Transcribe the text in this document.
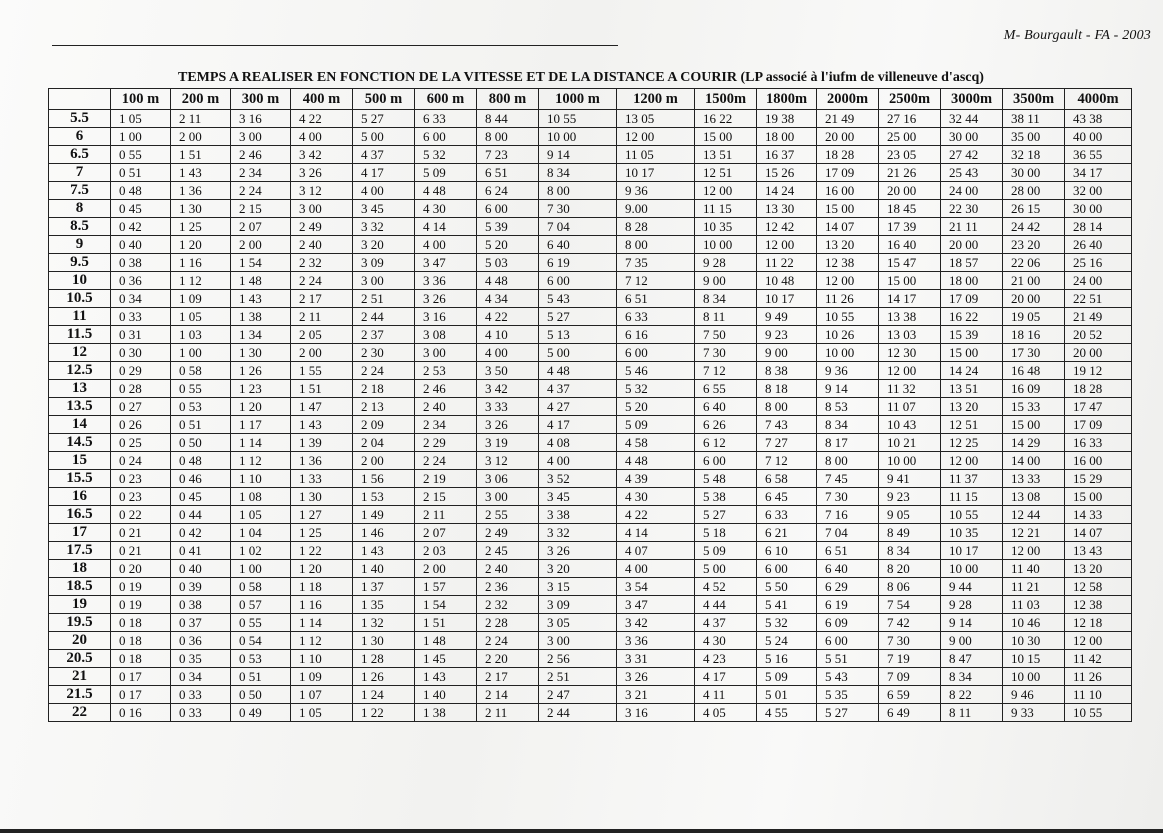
M- Bourgault - FA - 2003
TEMPS A REALISER EN FONCTION DE LA VITESSE ET DE LA DISTANCE A COURIR (LP associé à l'iufm de villeneuve d'ascq)
	100 m	200 m	300 m	400 m	500 m	600 m	800 m	1000 m	1200 m	1500m	1800m	2000m	2500m	3000m	3500m	4000m
5.5	1 05	2 11	3 16	4 22	5 27	6 33	8 44	10 55	13 05	16 22	19 38	21 49	27 16	32 44	38 11	43 38
6	1 00	2 00	3 00	4 00	5 00	6 00	8 00	10 00	12 00	15 00	18 00	20 00	25 00	30 00	35 00	40 00
6.5	0 55	1 51	2 46	3 42	4 37	5 32	7 23	9 14	11 05	13 51	16 37	18 28	23 05	27 42	32 18	36 55
7	0 51	1 43	2 34	3 26	4 17	5 09	6 51	8 34	10 17	12 51	15 26	17 09	21 26	25 43	30 00	34 17
7.5	0 48	1 36	2 24	3 12	4 00	4 48	6 24	8 00	9 36	12 00	14 24	16 00	20 00	24 00	28 00	32 00
8	0 45	1 30	2 15	3 00	3 45	4 30	6 00	7 30	9.00	11 15	13 30	15 00	18 45	22 30	26 15	30 00
8.5	0 42	1 25	2 07	2 49	3 32	4 14	5 39	7 04	8 28	10 35	12 42	14 07	17 39	21 11	24 42	28 14
9	0 40	1 20	2 00	2 40	3 20	4 00	5 20	6 40	8 00	10 00	12 00	13 20	16 40	20 00	23 20	26 40
9.5	0 38	1 16	1 54	2 32	3 09	3 47	5 03	6 19	7 35	9 28	11 22	12 38	15 47	18 57	22 06	25 16
10	0 36	1 12	1 48	2 24	3 00	3 36	4 48	6 00	7 12	9 00	10 48	12 00	15 00	18 00	21 00	24 00
10.5	0 34	1 09	1 43	2 17	2 51	3 26	4 34	5 43	6 51	8 34	10 17	11 26	14 17	17 09	20 00	22 51
11	0 33	1 05	1 38	2 11	2 44	3 16	4 22	5 27	6 33	8 11	9 49	10 55	13 38	16 22	19 05	21 49
11.5	0 31	1 03	1 34	2 05	2 37	3 08	4 10	5 13	6 16	7 50	9 23	10 26	13 03	15 39	18 16	20 52
12	0 30	1 00	1 30	2 00	2 30	3 00	4 00	5 00	6 00	7 30	9 00	10 00	12 30	15 00	17 30	20 00
12.5	0 29	0 58	1 26	1 55	2 24	2 53	3 50	4 48	5 46	7 12	8 38	9 36	12 00	14 24	16 48	19 12
13	0 28	0 55	1 23	1 51	2 18	2 46	3 42	4 37	5 32	6 55	8 18	9 14	11 32	13 51	16 09	18 28
13.5	0 27	0 53	1 20	1 47	2 13	2 40	3 33	4 27	5 20	6 40	8 00	8 53	11 07	13 20	15 33	17 47
14	0 26	0 51	1 17	1 43	2 09	2 34	3 26	4 17	5 09	6 26	7 43	8 34	10 43	12 51	15 00	17 09
14.5	0 25	0 50	1 14	1 39	2 04	2 29	3 19	4 08	4 58	6 12	7 27	8 17	10 21	12 25	14 29	16 33
15	0 24	0 48	1 12	1 36	2 00	2 24	3 12	4 00	4 48	6 00	7 12	8 00	10 00	12 00	14 00	16 00
15.5	0 23	0 46	1 10	1 33	1 56	2 19	3 06	3 52	4 39	5 48	6 58	7 45	9 41	11 37	13 33	15 29
16	0 23	0 45	1 08	1 30	1 53	2 15	3 00	3 45	4 30	5 38	6 45	7 30	9 23	11 15	13 08	15 00
16.5	0 22	0 44	1 05	1 27	1 49	2 11	2 55	3 38	4 22	5 27	6 33	7 16	9 05	10 55	12 44	14 33
17	0 21	0 42	1 04	1 25	1 46	2 07	2 49	3 32	4 14	5 18	6 21	7 04	8 49	10 35	12 21	14 07
17.5	0 21	0 41	1 02	1 22	1 43	2 03	2 45	3 26	4 07	5 09	6 10	6 51	8 34	10 17	12 00	13 43
18	0 20	0 40	1 00	1 20	1 40	2 00	2 40	3 20	4 00	5 00	6 00	6 40	8 20	10 00	11 40	13 20
18.5	0 19	0 39	0 58	1 18	1 37	1 57	2 36	3 15	3 54	4 52	5 50	6 29	8 06	9 44	11 21	12 58
19	0 19	0 38	0 57	1 16	1 35	1 54	2 32	3 09	3 47	4 44	5 41	6 19	7 54	9 28	11 03	12 38
19.5	0 18	0 37	0 55	1 14	1 32	1 51	2 28	3 05	3 42	4 37	5 32	6 09	7 42	9 14	10 46	12 18
20	0 18	0 36	0 54	1 12	1 30	1 48	2 24	3 00	3 36	4 30	5 24	6 00	7 30	9 00	10 30	12 00
20.5	0 18	0 35	0 53	1 10	1 28	1 45	2 20	2 56	3 31	4 23	5 16	5 51	7 19	8 47	10 15	11 42
21	0 17	0 34	0 51	1 09	1 26	1 43	2 17	2 51	3 26	4 17	5 09	5 43	7 09	8 34	10 00	11 26
21.5	0 17	0 33	0 50	1 07	1 24	1 40	2 14	2 47	3 21	4 11	5 01	5 35	6 59	8 22	9 46	11 10
22	0 16	0 33	0 49	1 05	1 22	1 38	2 11	2 44	3 16	4 05	4 55	5 27	6 49	8 11	9 33	10 55
